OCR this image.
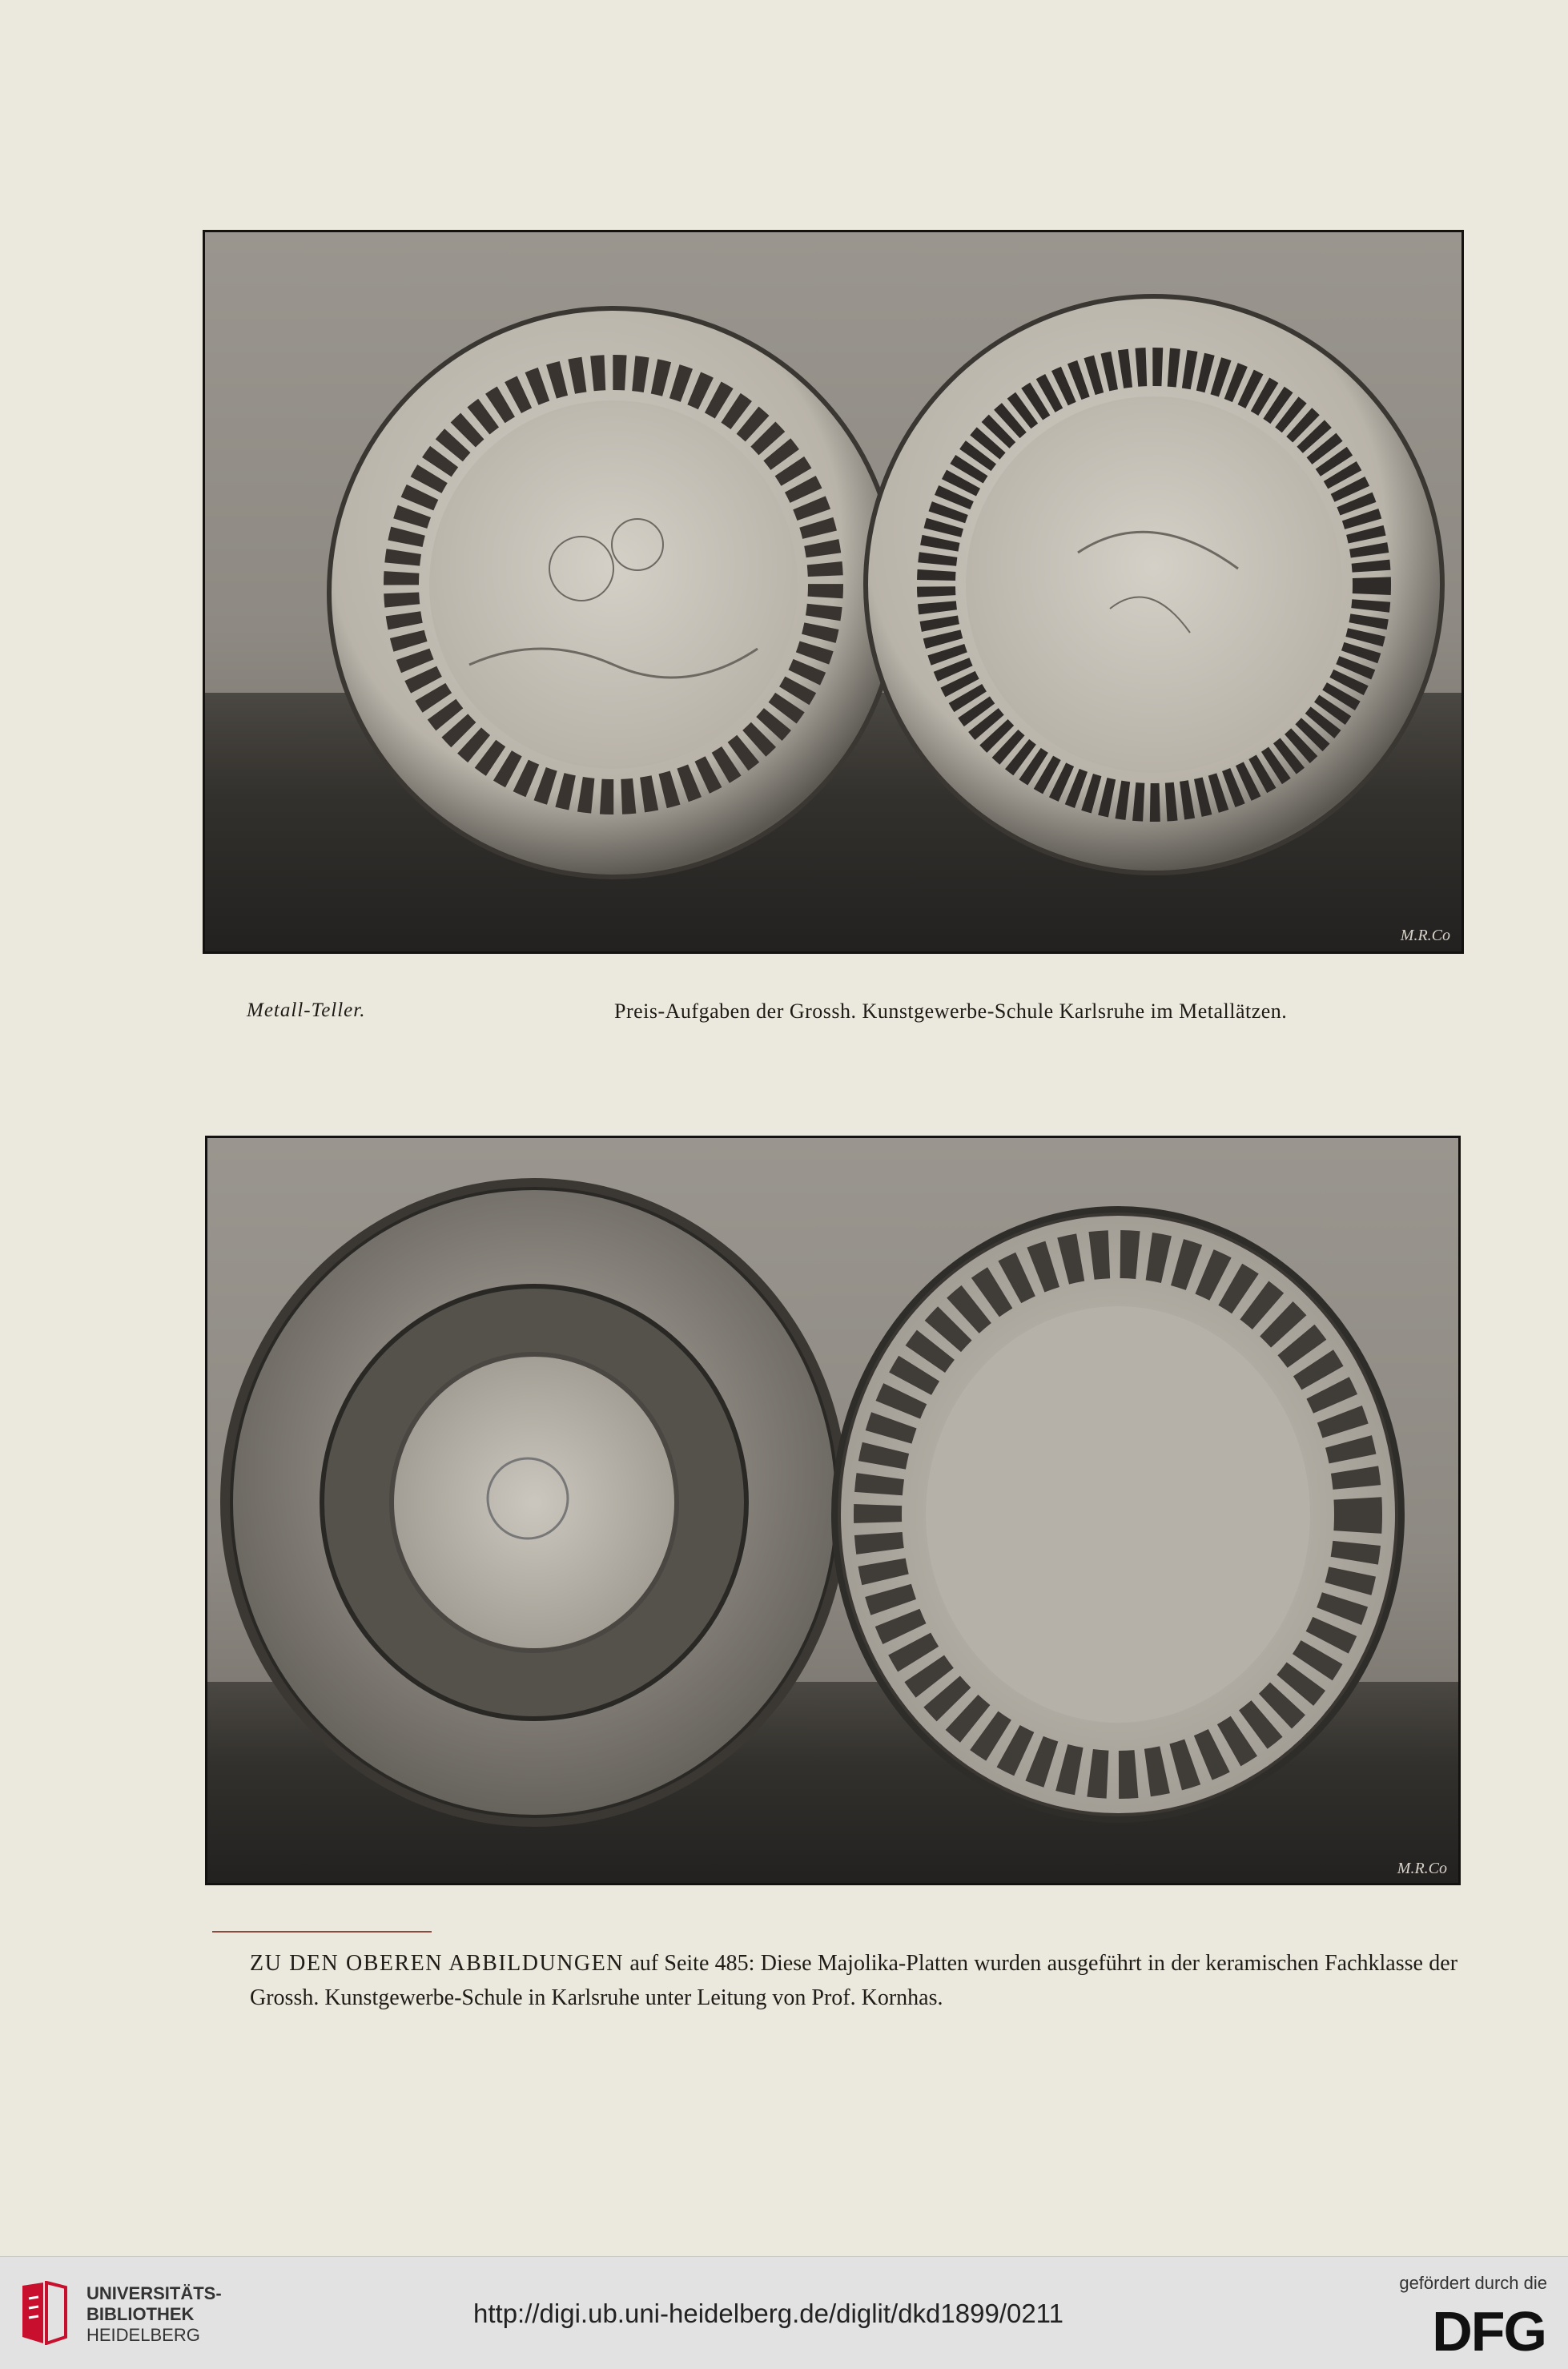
M.R.Co
Metall-Teller.	Preis-Aufgaben der Grossh. Kunstgewerbe-Schule Karlsruhe im Metallätzen.
M.R.Co
ZU DEN OBEREN ABBILDUNGEN auf Seite 485: Diese Majolika-Platten wurden ausgeführt in der keramischen Fachklasse der Grossh. Kunstgewerbe-Schule in Karlsruhe unter Leitung von Prof. Kornhas.
UNIVERSITÄTS-
BIBLIOTHEK
HEIDELBERG
http://digi.ub.uni-heidelberg.de/diglit/dkd1899/0211
gefördert durch die
DFG
